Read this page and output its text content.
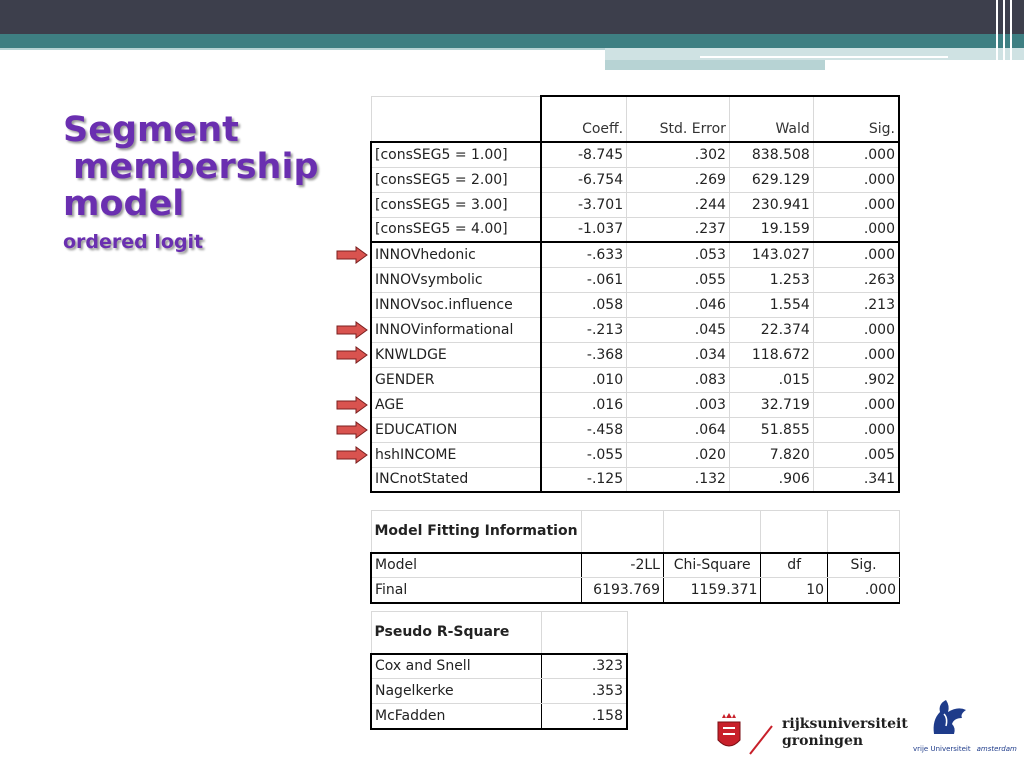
Segment
membership
model
ordered logit
	Coeff.	Std. Error	Wald	Sig.
[consSEG5 = 1.00]	-8.745	.302	838.508	.000
[consSEG5 = 2.00]	-6.754	.269	629.129	.000
[consSEG5 = 3.00]	-3.701	.244	230.941	.000
[consSEG5 = 4.00]	-1.037	.237	19.159	.000
INNOVhedonic	-.633	.053	143.027	.000
INNOVsymbolic	-.061	.055	1.253	.263
INNOVsoc.influence	.058	.046	1.554	.213
INNOVinformational	-.213	.045	22.374	.000
KNWLDGE	-.368	.034	118.672	.000
GENDER	.010	.083	.015	.902
AGE	.016	.003	32.719	.000
EDUCATION	-.458	.064	51.855	.000
hshINCOME	-.055	.020	7.820	.005
INCnotStated	-.125	.132	.906	.341
Model Fitting Information				
Model	-2LL	Chi-Square	df	Sig.
Final	6193.769	1159.371	10	.000
Pseudo R-Square	
Cox and Snell	.323
Nagelkerke	.353
McFadden	.158
rijksuniversiteit
groningen	vrije Universiteit amsterdam
